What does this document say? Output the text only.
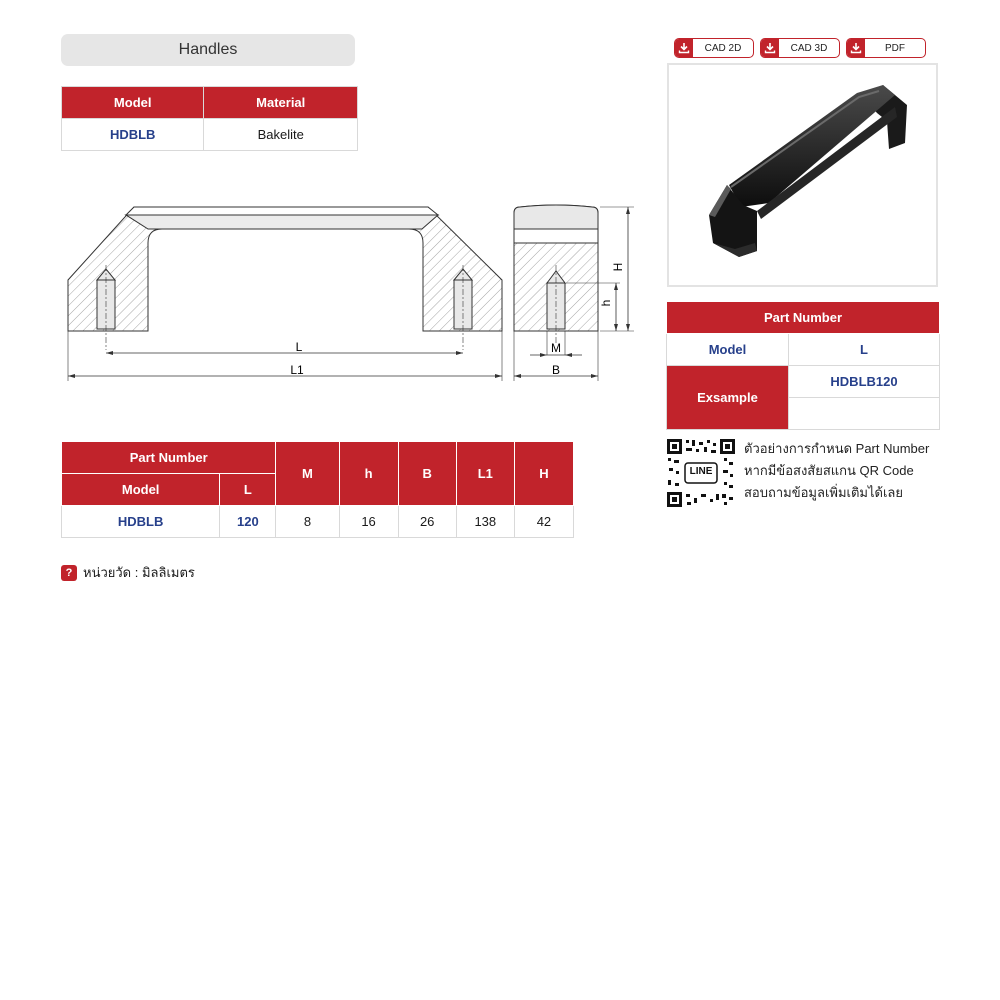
Handles
Model	Material
HDBLB	Bakelite
CAD 2D	CAD 3D	PDF
L
L1
M
B
h
H
Part Number		M	h	B	L1	H
Model	L					
HDBLB	120	8	16	26	138	42
? หน่วยวัด : มิลลิเมตร
Part Number	
Model	L
Exsample	HDBLB120

LINE
ตัวอย่างการกำหนด Part Number
หากมีข้อสงสัยสแกน QR Code
สอบถามข้อมูลเพิ่มเติมได้เลย
